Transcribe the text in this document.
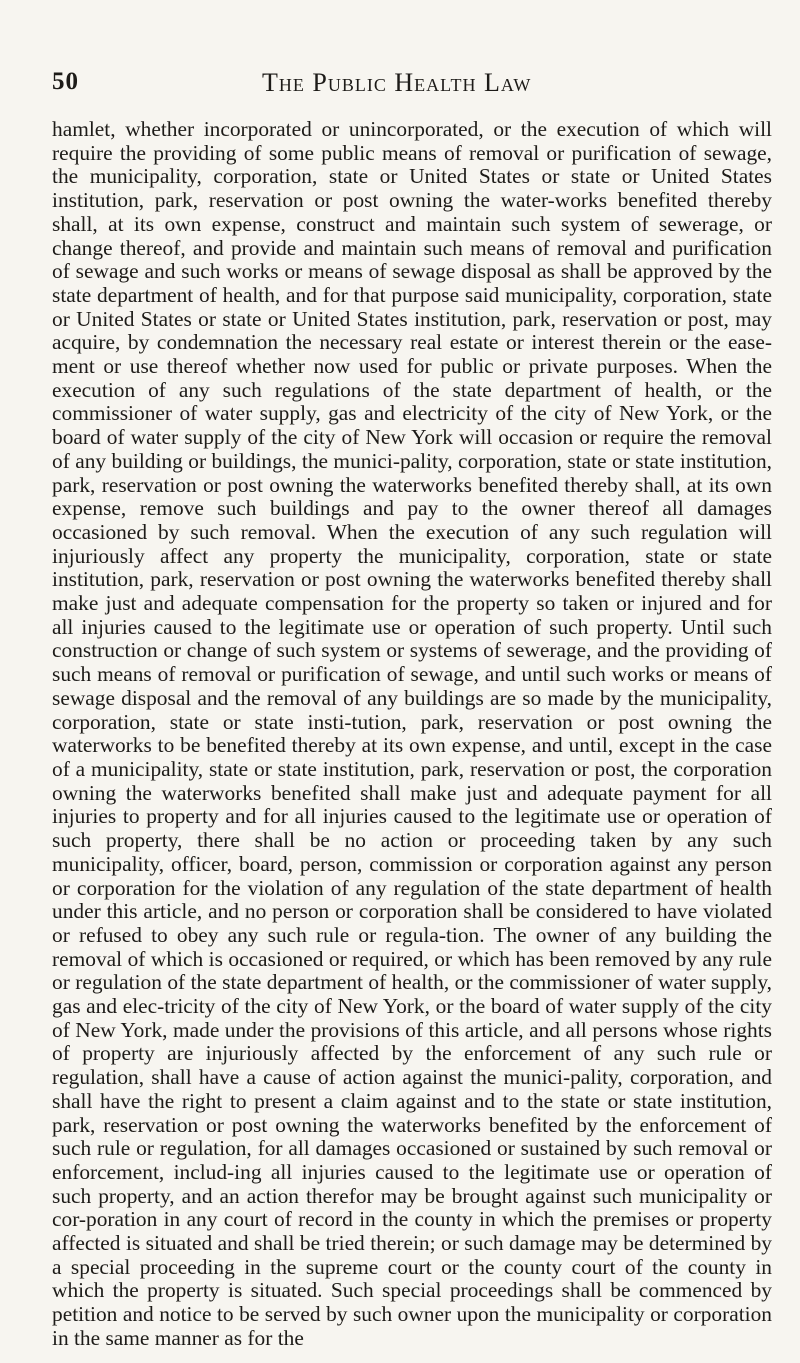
50	The Public Health Law

hamlet, whether incorporated or unincorporated, or the execution of which will require the providing of some public means of removal or purification of sewage, the municipality, corporation, state or United States or state or United States institution, park, reservation or post owning the water-works benefited thereby shall, at its own expense, construct and maintain such system of sewerage, or change thereof, and provide and maintain such means of removal and purification of sewage and such works or means of sewage disposal as shall be approved by the state department of health, and for that purpose said municipality, corporation, state or United States or state or United States institution, park, reservation or post, may acquire, by condemnation the necessary real estate or interest therein or the ease-ment or use thereof whether now used for public or private purposes. When the execution of any such regulations of the state department of health, or the commissioner of water supply, gas and electricity of the city of New York, or the board of water supply of the city of New York will occasion or require the removal of any building or buildings, the munici-pality, corporation, state or state institution, park, reservation or post owning the waterworks benefited thereby shall, at its own expense, remove such buildings and pay to the owner thereof all damages occasioned by such removal. When the execution of any such regulation will injuriously affect any property the municipality, corporation, state or state institution, park, reservation or post owning the waterworks benefited thereby shall make just and adequate compensation for the property so taken or injured and for all injuries caused to the legitimate use or operation of such property. Until such construction or change of such system or systems of sewerage, and the providing of such means of removal or purification of sewage, and until such works or means of sewage disposal and the removal of any buildings are so made by the municipality, corporation, state or state insti-tution, park, reservation or post owning the waterworks to be benefited thereby at its own expense, and until, except in the case of a municipality, state or state institution, park, reservation or post, the corporation owning the waterworks benefited shall make just and adequate payment for all injuries to property and for all injuries caused to the legitimate use or operation of such property, there shall be no action or proceeding taken by any such municipality, officer, board, person, commission or corporation against any person or corporation for the violation of any regulation of the state department of health under this article, and no person or corporation shall be considered to have violated or refused to obey any such rule or regula-tion. The owner of any building the removal of which is occasioned or required, or which has been removed by any rule or regulation of the state department of health, or the commissioner of water supply, gas and elec-tricity of the city of New York, or the board of water supply of the city of New York, made under the provisions of this article, and all persons whose rights of property are injuriously affected by the enforcement of any such rule or regulation, shall have a cause of action against the munici-pality, corporation, and shall have the right to present a claim against and to the state or state institution, park, reservation or post owning the waterworks benefited by the enforcement of such rule or regulation, for all damages occasioned or sustained by such removal or enforcement, includ-ing all injuries caused to the legitimate use or operation of such property, and an action therefor may be brought against such municipality or cor-poration in any court of record in the county in which the premises or property affected is situated and shall be tried therein; or such damage may be determined by a special proceeding in the supreme court or the county court of the county in which the property is situated. Such special proceedings shall be commenced by petition and notice to be served by such owner upon the municipality or corporation in the same manner as for the
